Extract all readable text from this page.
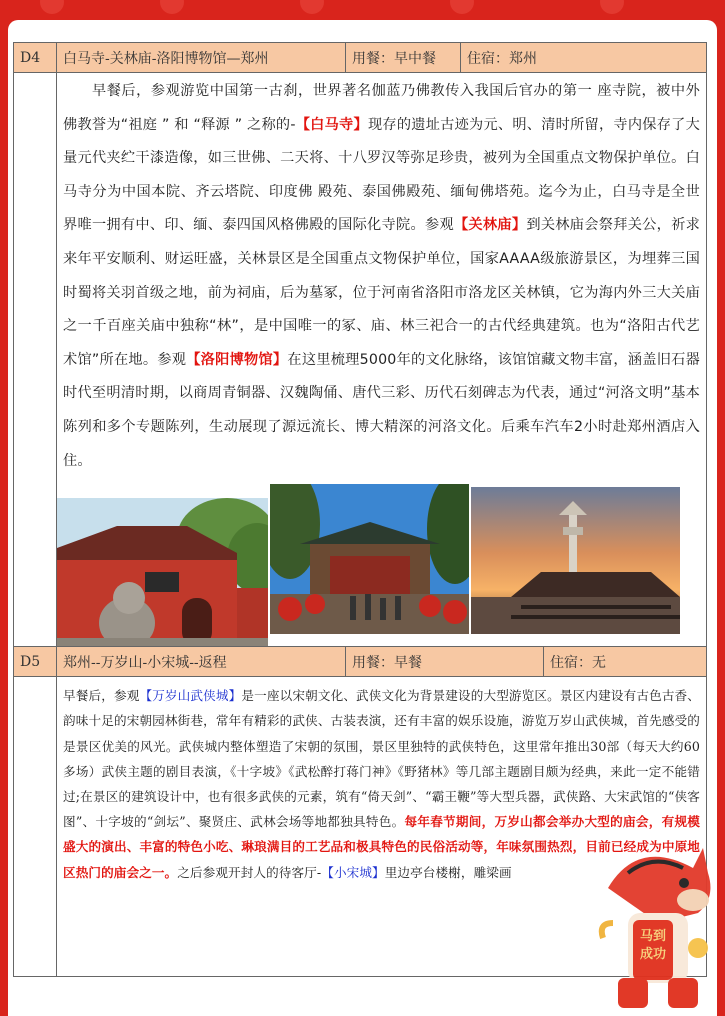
D4	白马寺-关林庙-洛阳博物馆—郑州	用餐：早中餐	住宿：郑州

早餐后，参观游览中国第一古刹，世界著名伽蓝乃佛教传入我国后官办的第一 座寺院，被中外佛教誉为“祖庭 ” 和 “释源 ” 之称的-【白马寺】现存的遗址古迹为元、明、清时所留，寺内保存了大量元代夹纻干漆造像，如三世佛、二天将、十八罗汉等弥足珍贵，被列为全国重点文物保护单位。白马寺分为中国本院、齐云塔院、印度佛 殿苑、泰国佛殿苑、缅甸佛塔苑。迄今为止，白马寺是全世界唯一拥有中、印、缅、泰四国风格佛殿的国际化寺院。参观【关林庙】到关林庙会祭拜关公，祈求来年平安顺利、财运旺盛，关林景区是全国重点文物保护单位，国家AAAA级旅游景区，为埋葬三国时蜀将关羽首级之地，前为祠庙，后为墓冢，位于河南省洛阳市洛龙区关林镇，它为海内外三大关庙之一千百座关庙中独称“林”，是中国唯一的冢、庙、林三祀合一的古代经典建筑。也为“洛阳古代艺术馆”所在地。参观【洛阳博物馆】在这里梳理5000年的文化脉络，该馆馆藏文物丰富，涵盖旧石器时代至明清时期，以商周青铜器、汉魏陶俑、唐代三彩、历代石刻碑志为代表，通过“河洛文明”基本陈列和多个专题陈列，生动展现了源远流长、博大精深的河洛文化。后乘车汽车2小时赴郑州酒店入住。

D5	郑州--万岁山-小宋城--返程	用餐：早餐	住宿：无

早餐后，参观【万岁山武侠城】是一座以宋朝文化、武侠文化为背景建设的大型游览区。景区内建设有古色古香、韵味十足的宋朝园林街巷，常年有精彩的武侠、古装表演，还有丰富的娱乐设施，游览万岁山武侠城，首先感受的是景区优美的风光。武侠城内整体塑造了宋朝的氛围，景区里独特的武侠特色，这里常年推出30部（每天大约60多场）武侠主题的剧目表演，《十字坡》《武松醉打蒋门神》《野猪林》等几部主题剧目颇为经典，来此一定不能错过;在景区的建筑设计中，也有很多武侠的元素，筑有“倚天剑”、“霸王鞭”等大型兵器，武侠路、大宋武馆的“侠客图”、十字坡的“剑坛”、聚贤庄、武林会场等地都独具特色。每年春节期间，万岁山都会举办大型的庙会，有规模盛大的演出、丰富的特色小吃、琳琅满目的工艺品和极具特色的民俗活动等，年味氛围热烈，目前已经成为中原地区热门的庙会之一。之后参观开封人的待客厅-【小宋城】里边亭台楼榭，雕梁画

马到
成功
